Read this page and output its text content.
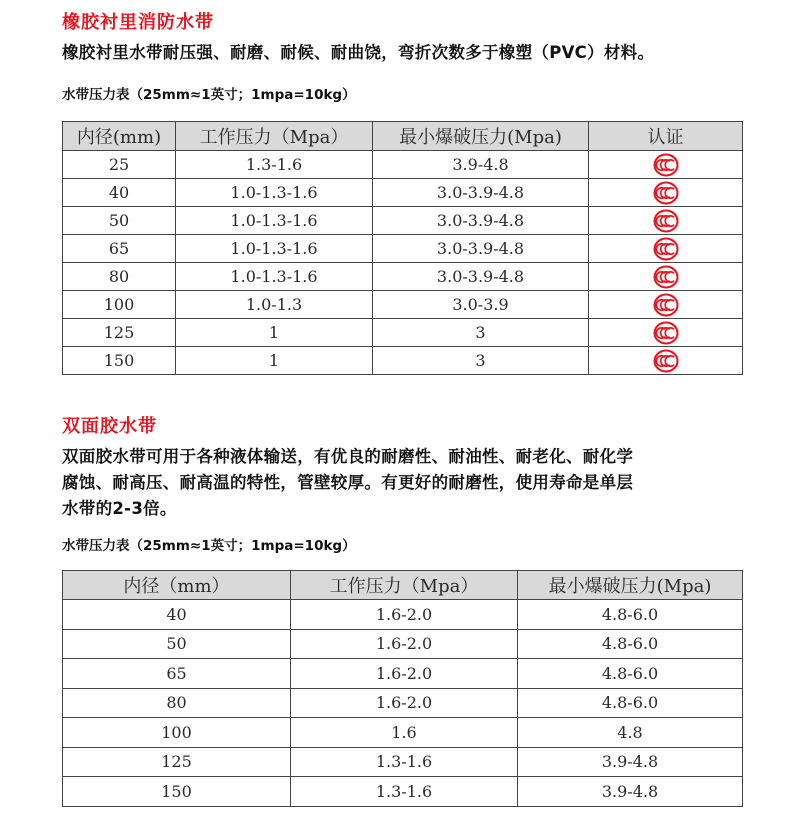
橡胶衬里消防水带
橡胶衬里水带耐压强、耐磨、耐候、耐曲饶，弯折次数多于橡塑（PVC）材料。
水带压力表（25mm≈1英寸；1mpa=10kg）
内径(mm)	工作压力（Mpa）	最小爆破压力(Mpa)	认证
25	1.3-1.6	3.9-4.8	
40	1.0-1.3-1.6	3.0-3.9-4.8	
50	1.0-1.3-1.6	3.0-3.9-4.8	
65	1.0-1.3-1.6	3.0-3.9-4.8	
80	1.0-1.3-1.6	3.0-3.9-4.8	
100	1.0-1.3	3.0-3.9	
125	1	3	
150	1	3	
双面胶水带
双面胶水带可用于各种液体输送，有优良的耐磨性、耐油性、耐老化、耐化学
腐蚀、耐高压、耐高温的特性，管壁较厚。有更好的耐磨性，使用寿命是单层
水带的2-3倍。
水带压力表（25mm≈1英寸；1mpa=10kg）
内径（mm）	工作压力（Mpa）	最小爆破压力(Mpa)
40	1.6-2.0	4.8-6.0
50	1.6-2.0	4.8-6.0
65	1.6-2.0	4.8-6.0
80	1.6-2.0	4.8-6.0
100	1.6	4.8
125	1.3-1.6	3.9-4.8
150	1.3-1.6	3.9-4.8
